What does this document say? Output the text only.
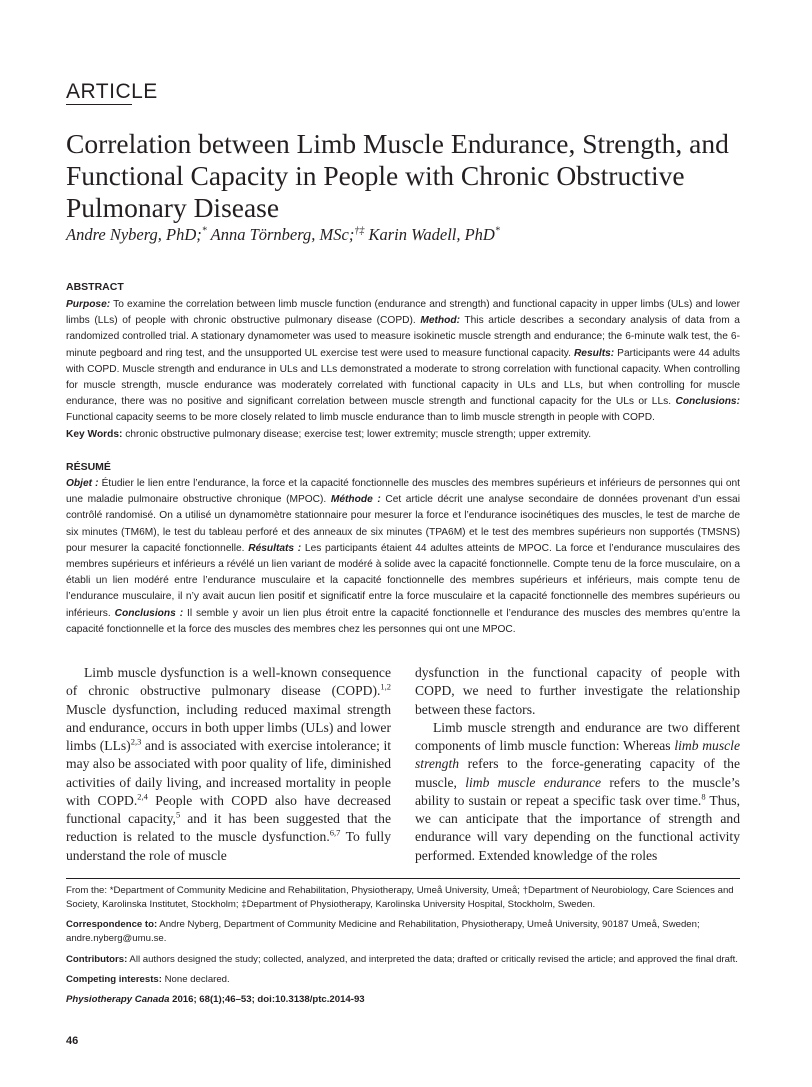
ARTICLE
Correlation between Limb Muscle Endurance, Strength, and Functional Capacity in People with Chronic Obstructive Pulmonary Disease
Andre Nyberg, PhD;* Anna Törnberg, MSc;†‡ Karin Wadell, PhD*
ABSTRACT
Purpose: To examine the correlation between limb muscle function (endurance and strength) and functional capacity in upper limbs (ULs) and lower limbs (LLs) of people with chronic obstructive pulmonary disease (COPD). Method: This article describes a secondary analysis of data from a randomized controlled trial. A stationary dynamometer was used to measure isokinetic muscle strength and endurance; the 6-minute walk test, the 6-minute pegboard and ring test, and the unsupported UL exercise test were used to measure functional capacity. Results: Participants were 44 adults with COPD. Muscle strength and endurance in ULs and LLs demonstrated a moderate to strong correlation with functional capacity. When controlling for muscle strength, muscle endurance was moderately correlated with functional capacity in ULs and LLs, but when controlling for muscle endurance, there was no positive and significant correlation between muscle strength and functional capacity for the ULs or LLs. Conclusions: Functional capacity seems to be more closely related to limb muscle endurance than to limb muscle strength in people with COPD.
Key Words: chronic obstructive pulmonary disease; exercise test; lower extremity; muscle strength; upper extremity.
RÉSUMÉ
Objet : Étudier le lien entre l’endurance, la force et la capacité fonctionnelle des muscles des membres supérieurs et inférieurs de personnes qui ont une maladie pulmonaire obstructive chronique (MPOC). Méthode : Cet article décrit une analyse secondaire de données provenant d’un essai contrôlé randomisé. On a utilisé un dynamomètre stationnaire pour mesurer la force et l’endurance isocinétiques des muscles, le test de marche de six minutes (TM6M), le test du tableau perforé et des anneaux de six minutes (TPA6M) et le test des membres supérieurs non supportés (TMSNS) pour mesurer la capacité fonctionnelle. Résultats : Les participants étaient 44 adultes atteints de MPOC. La force et l’endurance musculaires des membres supérieurs et inférieurs a révélé un lien variant de modéré à solide avec la capacité fonctionnelle. Compte tenu de la force musculaire, on a établi un lien modéré entre l’endurance musculaire et la capacité fonctionnelle des membres supérieurs et inférieurs, mais compte tenu de l’endurance musculaire, il n’y avait aucun lien positif et significatif entre la force musculaire et la capacité fonctionnelle des membres supérieurs ou inférieurs. Conclusions : Il semble y avoir un lien plus étroit entre la capacité fonctionnelle et l’endurance des muscles des membres qu’entre la capacité fonctionnelle et la force des muscles des membres chez les personnes qui ont une MPOC.

Limb muscle dysfunction is a well-known consequence of chronic obstructive pulmonary disease (COPD).$^{1,2}$ Muscle dysfunction, including reduced maximal strength and endurance, occurs in both upper limbs (ULs) and lower limbs (LLs)$^{2,3}$ and is associated with exercise intolerance; it may also be associated with poor quality of life, diminished activities of daily living, and increased mortality in people with COPD.$^{2,4}$ People with COPD also have decreased functional capacity,$^5$ and it has been suggested that the reduction is related to the muscle dysfunction.$^{6,7}$ To fully understand the role of muscle

dysfunction in the functional capacity of people with COPD, we need to further investigate the relationship between these factors.

Limb muscle strength and endurance are two different components of limb muscle function: Whereas limb muscle strength refers to the force-generating capacity of the muscle, limb muscle endurance refers to the muscle’s ability to sustain or repeat a specific task over time.$^8$ Thus, we can anticipate that the importance of strength and endurance will vary depending on the functional activity performed. Extended knowledge of the roles

From the: *Department of Community Medicine and Rehabilitation, Physiotherapy, Umeå University, Umeå; †Department of Neurobiology, Care Sciences and Society, Karolinska Institutet, Stockholm; ‡Department of Physiotherapy, Karolinska University Hospital, Stockholm, Sweden.
Correspondence to: Andre Nyberg, Department of Community Medicine and Rehabilitation, Physiotherapy, Umeå University, 90187 Umeå, Sweden; andre.nyberg@umu.se.
Contributors: All authors designed the study; collected, analyzed, and interpreted the data; drafted or critically revised the article; and approved the final draft.
Competing interests: None declared.
Physiotherapy Canada 2016; 68(1);46–53; doi:10.3138/ptc.2014-93
46
